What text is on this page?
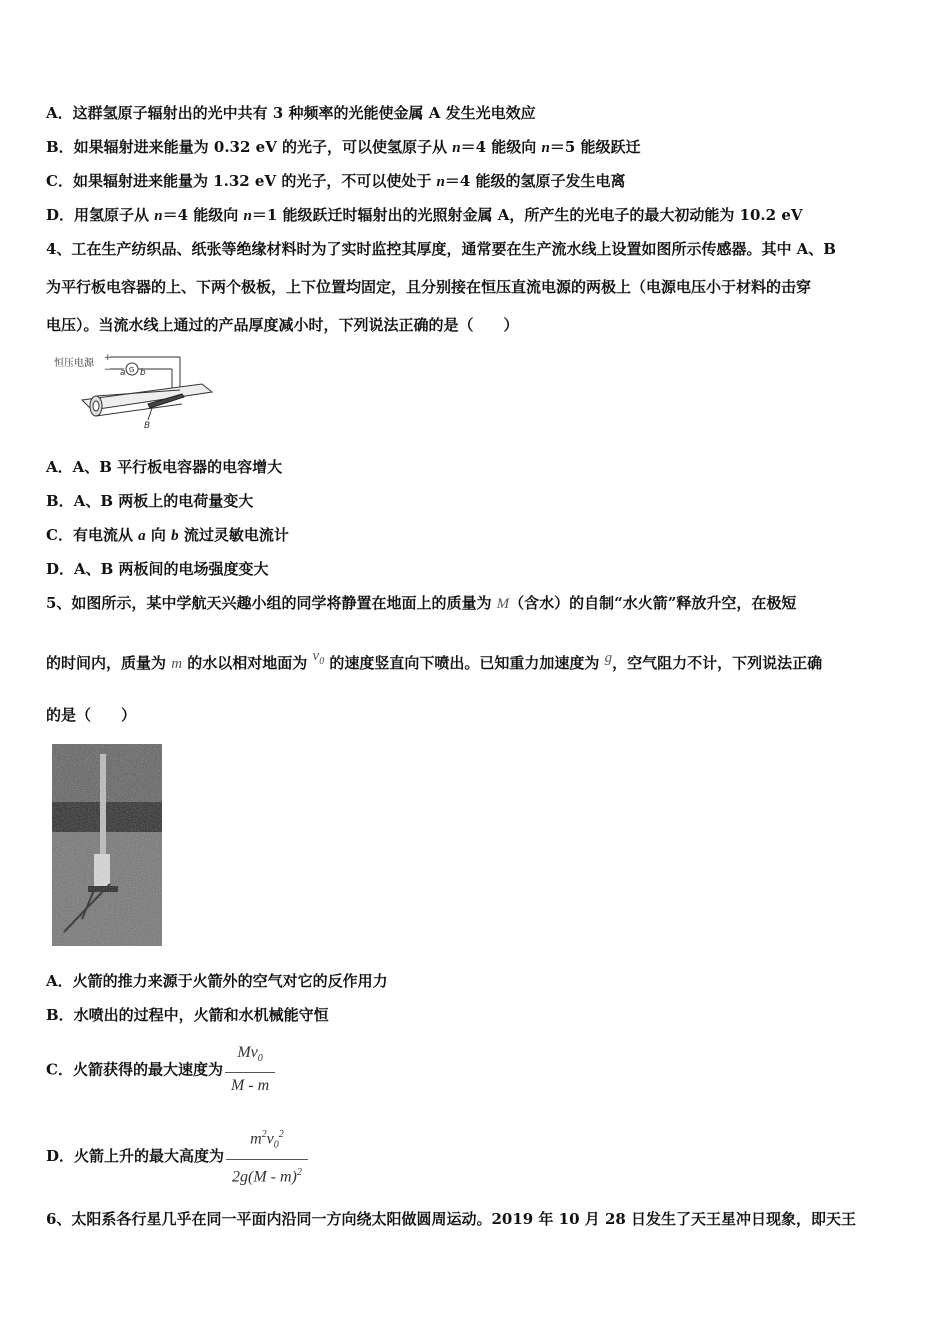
A．这群氢原子辐射出的光中共有 3 种频率的光能使金属 A 发生光电效应
B．如果辐射进来能量为 0.32 eV 的光子，可以使氢原子从 n＝4 能级向 n＝5 能级跃迁
C．如果辐射进来能量为 1.32 eV 的光子，不可以使处于 n＝4 能级的氢原子发生电离
D．用氢原子从 n＝4 能级向 n＝1 能级跃迁时辐射出的光照射金属 A，所产生的光电子的最大初动能为 10.2 eV
4、工在生产纺织品、纸张等绝缘材料时为了实时监控其厚度，通常要在生产流水线上设置如图所示传感器。其中 A、B
为平行板电容器的上、下两个极板，上下位置均固定，且分别接在恒压直流电源的两极上（电源电压小于材料的击穿
电压）。当流水线上通过的产品厚度减小时，下列说法正确的是（　　）
恒压电源 +
− G
a b
B
A．A、B 平行板电容器的电容增大
B．A、B 两板上的电荷量变大
C．有电流从 a 向 b 流过灵敏电流计
D．A、B 两板间的电场强度变大
5、如图所示，某中学航天兴趣小组的同学将静置在地面上的质量为 M（含水）的自制“水火箭”释放升空，在极短
的时间内，质量为 m 的水以相对地面为 $v_0$ 的速度竖直向下喷出。已知重力加速度为 g，空气阻力不计，下列说法正确
的是（　　）
A．火箭的推力来源于火箭外的空气对它的反作用力
B．水喷出的过程中，火箭和水机械能守恒
C．火箭获得的最大速度为 $\frac{Mv_0}{M - m}$
D．火箭上升的最大高度为 $\frac{m^2v_0^2}{2g(M - m)^2}$
6、太阳系各行星几乎在同一平面内沿同一方向绕太阳做圆周运动。2019 年 10 月 28 日发生了天王星冲日现象，即天王
